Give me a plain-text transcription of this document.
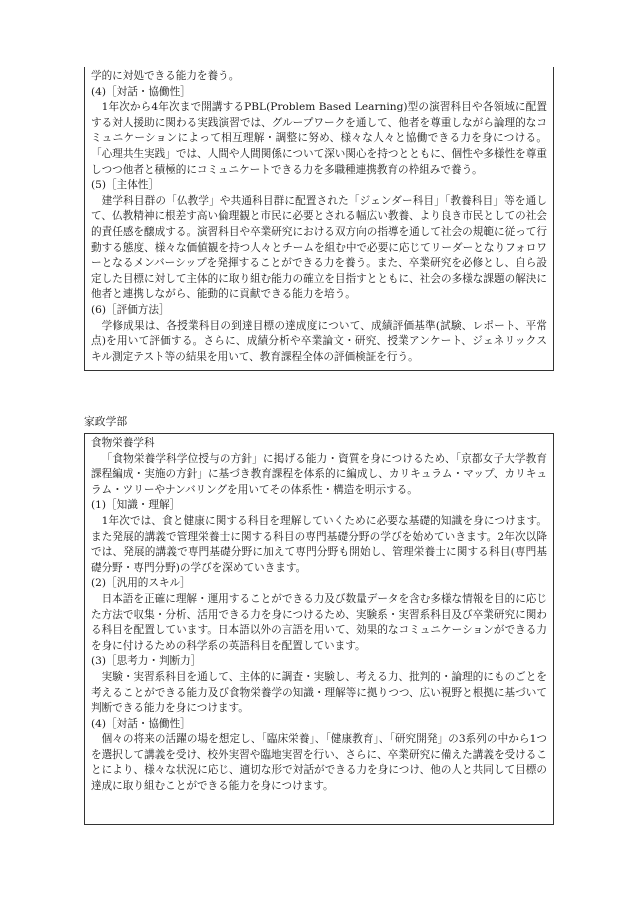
学的に対処できる能力を養う。

(4)［対話・協働性］

1年次から4年次まで開講するPBL(Problem Based Learning)型の演習科目や各領域に配置する対人援助に関わる実践演習では、グループワークを通して、他者を尊重しながら論理的なコミュニケーションによって相互理解・調整に努め、様々な人々と協働できる力を身につける。「心理共生実践」では、人間や人間関係について深い関心を持つとともに、個性や多様性を尊重しつつ他者と積極的にコミュニケートできる力を多職種連携教育の枠組みで養う。

(5)［主体性］

建学科目群の「仏教学」や共通科目群に配置された「ジェンダー科目」「教養科目」等を通して、仏教精神に根差す高い倫理観と市民に必要とされる幅広い教養、より良き市民としての社会的責任感を醸成する。演習科目や卒業研究における双方向の指導を通して社会の規範に従って行動する態度、様々な価値観を持つ人々とチームを組む中で必要に応じてリーダーとなりフォロワーとなるメンバーシップを発揮することができる力を養う。また、卒業研究を必修とし、自ら設定した目標に対して主体的に取り組む能力の確立を目指すとともに、社会の多様な課題の解決に他者と連携しながら、能動的に貢献できる能力を培う。

(6)［評価方法］

学修成果は、各授業科目の到達目標の達成度について、成績評価基準(試験、レポート、平常点)を用いて評価する。さらに、成績分析や卒業論文・研究、授業アンケート、ジェネリックスキル測定テスト等の結果を用いて、教育課程全体の評価検証を行う。

家政学部

食物栄養学科

「食物栄養学科学位授与の方針」に掲げる能力・資質を身につけるため、「京都女子大学教育課程編成・実施の方針」に基づき教育課程を体系的に編成し、カリキュラム・マップ、カリキュラム・ツリーやナンバリングを用いてその体系性・構造を明示する。

(1)［知識・理解］

1年次では、食と健康に関する科目を理解していくために必要な基礎的知識を身につけます。また発展的講義で管理栄養士に関する科目の専門基礎分野の学びを始めていきます。2年次以降では、発展的講義で専門基礎分野に加えて専門分野も開始し、管理栄養士に関する科目(専門基礎分野・専門分野)の学びを深めていきます。

(2)［汎用的スキル］

日本語を正確に理解・運用することができる力及び数量データを含む多様な情報を目的に応じた方法で収集・分析、活用できる力を身につけるため、実験系・実習系科目及び卒業研究に関わる科目を配置しています。日本語以外の言語を用いて、効果的なコミュニケーションができる力を身に付けるための科学系の英語科目を配置しています。

(3)［思考力・判断力］

実験・実習系科目を通して、主体的に調査・実験し、考える力、批判的・論理的にものごとを考えることができる能力及び食物栄養学の知識・理解等に拠りつつ、広い視野と根拠に基づいて判断できる能力を身につけます。

(4)［対話・協働性］

個々の将来の活躍の場を想定し、「臨床栄養」、「健康教育」、「研究開発」の3系列の中から1つを選択して講義を受け、校外実習や臨地実習を行い、さらに、卒業研究に備えた講義を受けることにより、様々な状況に応じ、適切な形で対話ができる力を身につけ、他の人と共同して目標の達成に取り組むことができる能力を身につけます。
